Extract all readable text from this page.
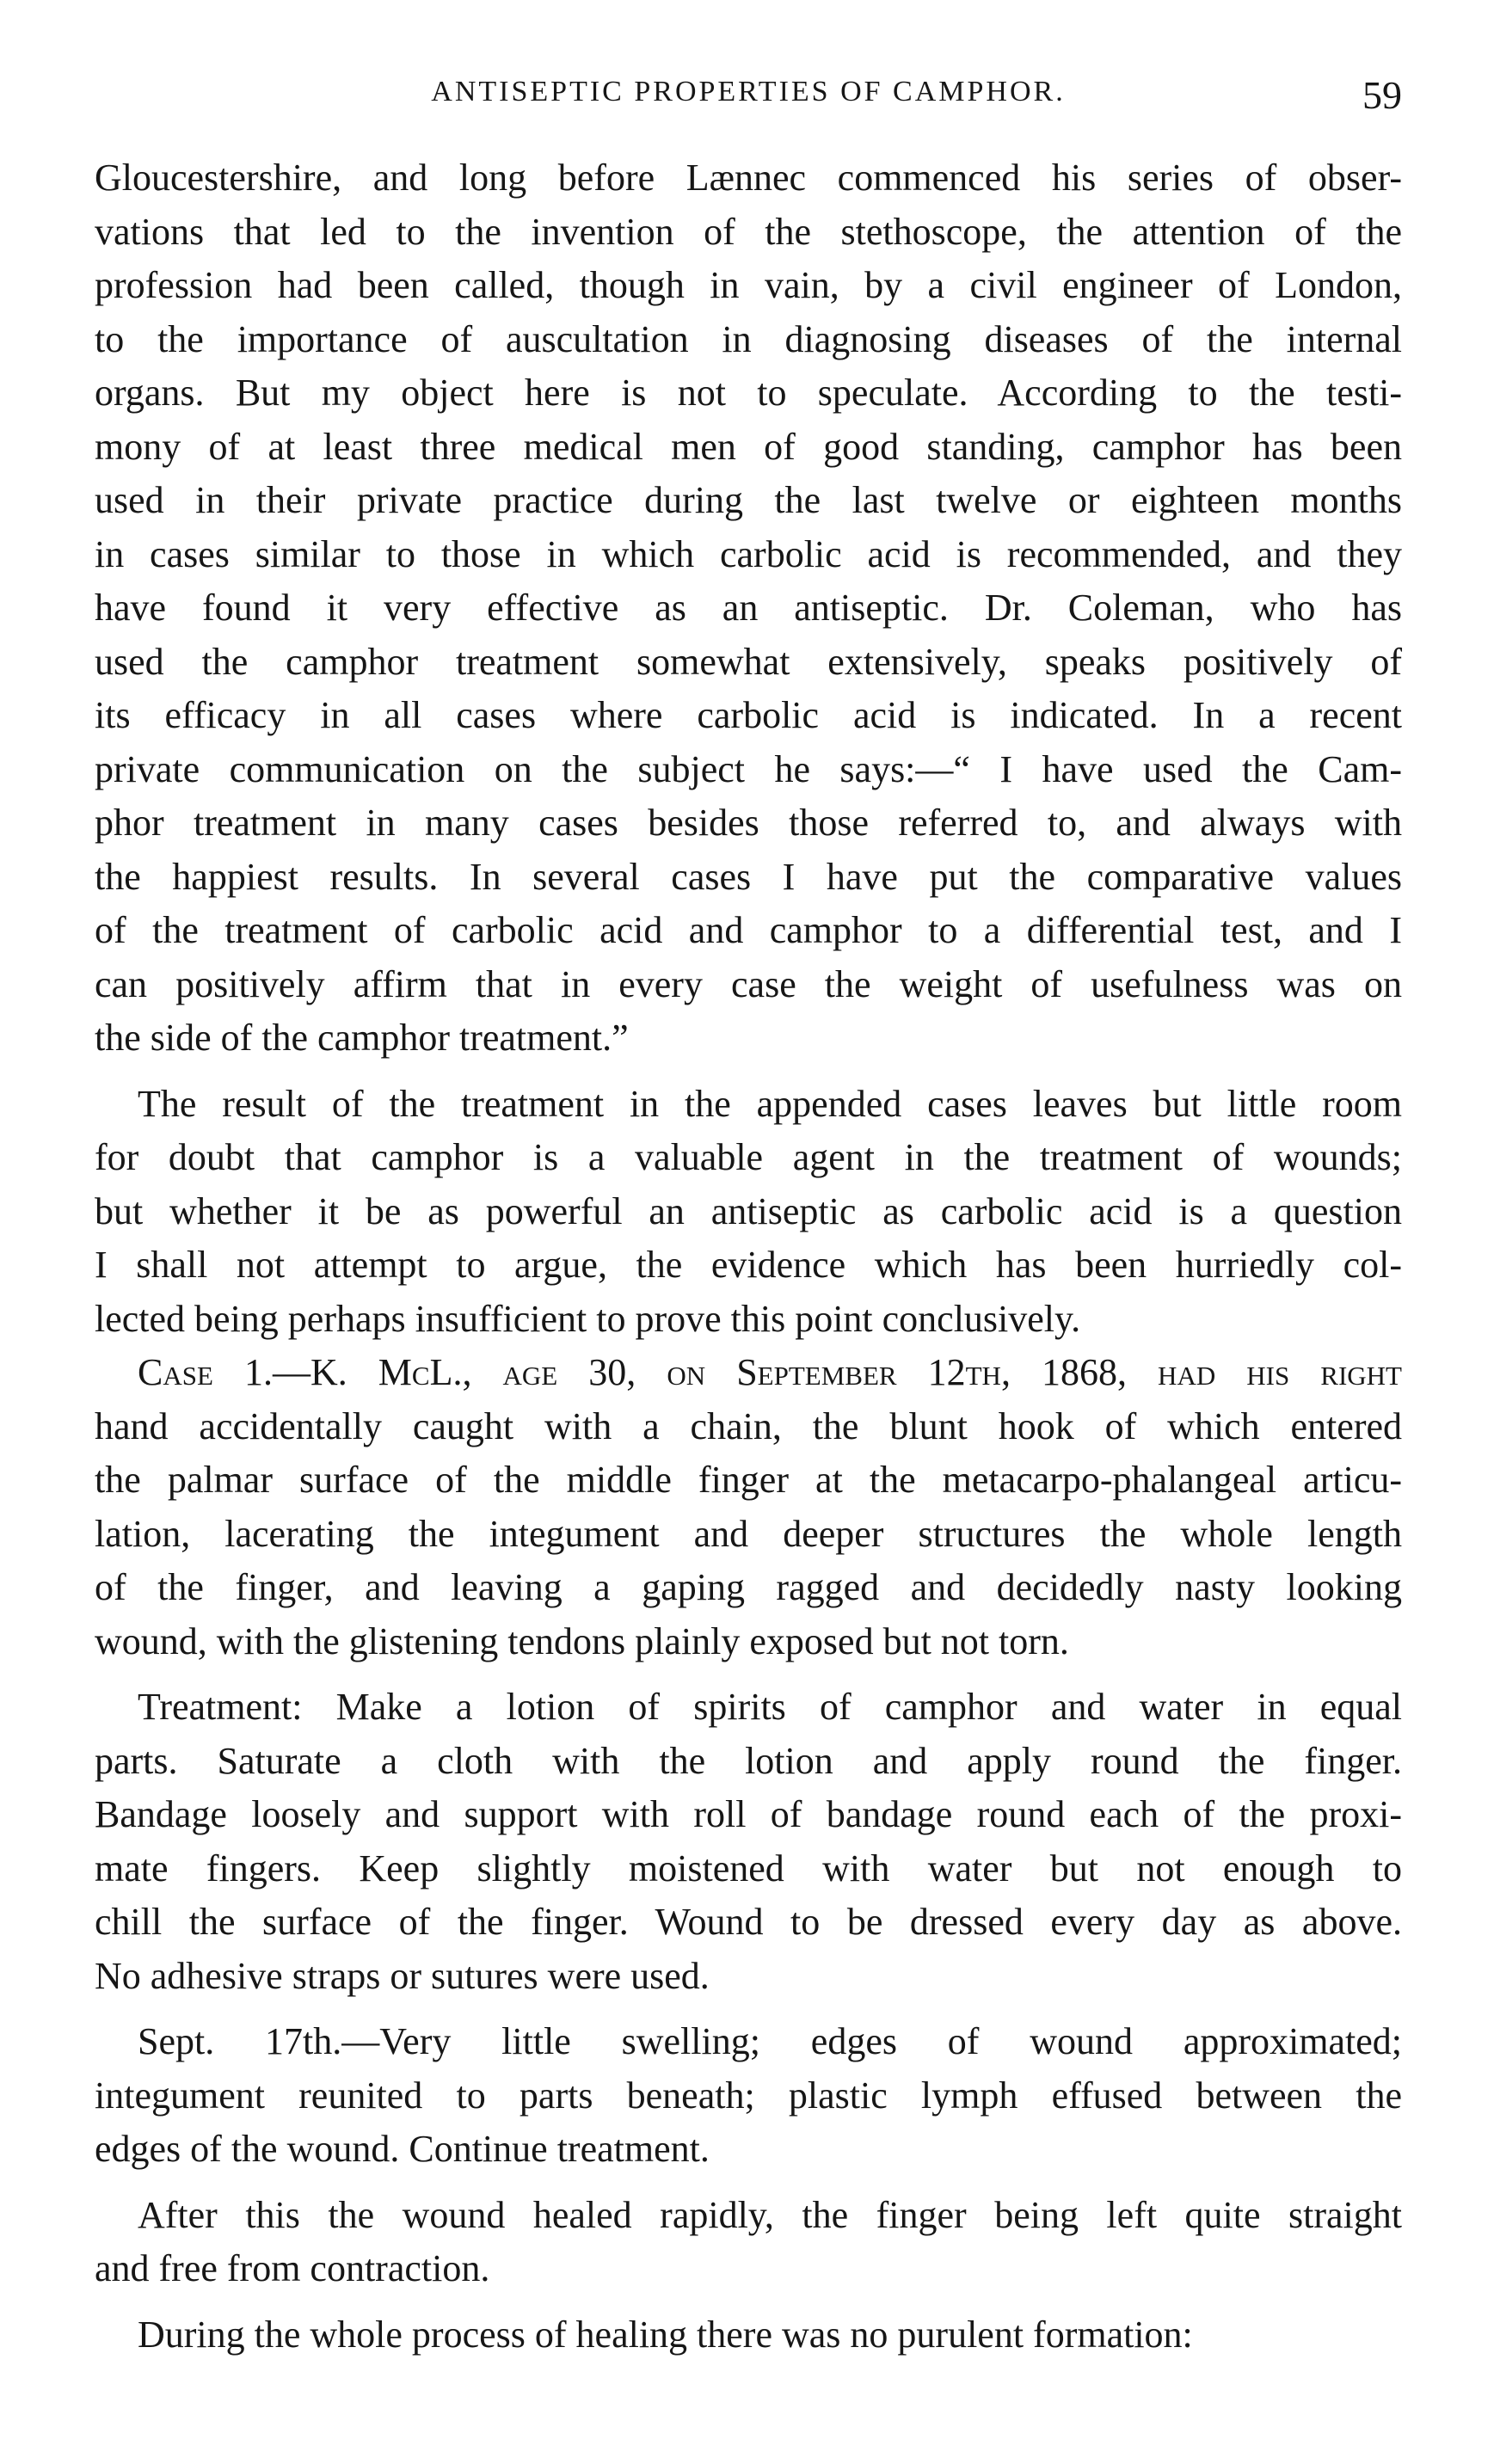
ANTISEPTIC PROPERTIES OF CAMPHOR.	59
Gloucestershire, and long before Lænnec commenced his series of obser-
vations that led to the invention of the stethoscope, the attention of the
profession had been called, though in vain, by a civil engineer of London,
to the importance of auscultation in diagnosing diseases of the internal
organs. But my object here is not to speculate. According to the testi-
mony of at least three medical men of good standing, camphor has been
used in their private practice during the last twelve or eighteen months
in cases similar to those in which carbolic acid is recommended, and they
have found it very effective as an antiseptic. Dr. Coleman, who has
used the camphor treatment somewhat extensively, speaks positively of
its efficacy in all cases where carbolic acid is indicated. In a recent
private communication on the subject he says:—“ I have used the Cam-
phor treatment in many cases besides those referred to, and always with
the happiest results. In several cases I have put the comparative values
of the treatment of carbolic acid and camphor to a differential test, and I
can positively affirm that in every case the weight of usefulness was on
the side of the camphor treatment.”
The result of the treatment in the appended cases leaves but little room
for doubt that camphor is a valuable agent in the treatment of wounds;
but whether it be as powerful an antiseptic as carbolic acid is a question
I shall not attempt to argue, the evidence which has been hurriedly col-
lected being perhaps insufficient to prove this point conclusively.
Case 1.—K. McL., age 30, on September 12th, 1868, had his right
hand accidentally caught with a chain, the blunt hook of which entered
the palmar surface of the middle finger at the metacarpo-phalangeal articu-
lation, lacerating the integument and deeper structures the whole length
of the finger, and leaving a gaping ragged and decidedly nasty looking
wound, with the glistening tendons plainly exposed but not torn.
Treatment: Make a lotion of spirits of camphor and water in equal
parts. Saturate a cloth with the lotion and apply round the finger.
Bandage loosely and support with roll of bandage round each of the proxi-
mate fingers. Keep slightly moistened with water but not enough to
chill the surface of the finger. Wound to be dressed every day as above.
No adhesive straps or sutures were used.
Sept. 17th.—Very little swelling; edges of wound approximated;
integument reunited to parts beneath; plastic lymph effused between the
edges of the wound. Continue treatment.
After this the wound healed rapidly, the finger being left quite straight
and free from contraction.
During the whole process of healing there was no purulent formation:
